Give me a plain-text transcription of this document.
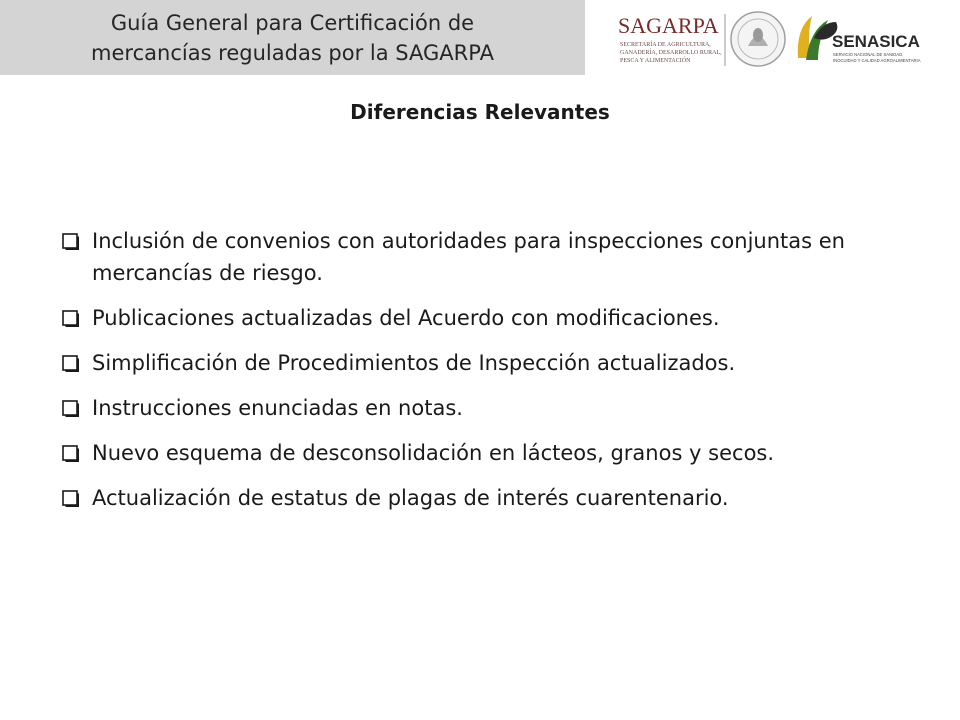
Guía General para Certificación de
mercancías reguladas por la SAGARPA
SAGARPA
SECRETARÍA DE AGRICULTURA,
GANADERÍA, DESARROLLO RURAL,
PESCA Y ALIMENTACIÓN
SENASICA
SERVICIO NACIONAL DE SANIDAD,
INOCUIDAD Y CALIDAD AGROALIMENTARIA
Diferencias Relevantes
Inclusión de convenios con autoridades para inspecciones conjuntas en mercancías de riesgo.
Publicaciones actualizadas del Acuerdo con modificaciones.
Simplificación de Procedimientos de Inspección actualizados.
Instrucciones enunciadas en notas.
Nuevo esquema de desconsolidación en lácteos, granos y secos.
Actualización de estatus de plagas de interés cuarentenario.
